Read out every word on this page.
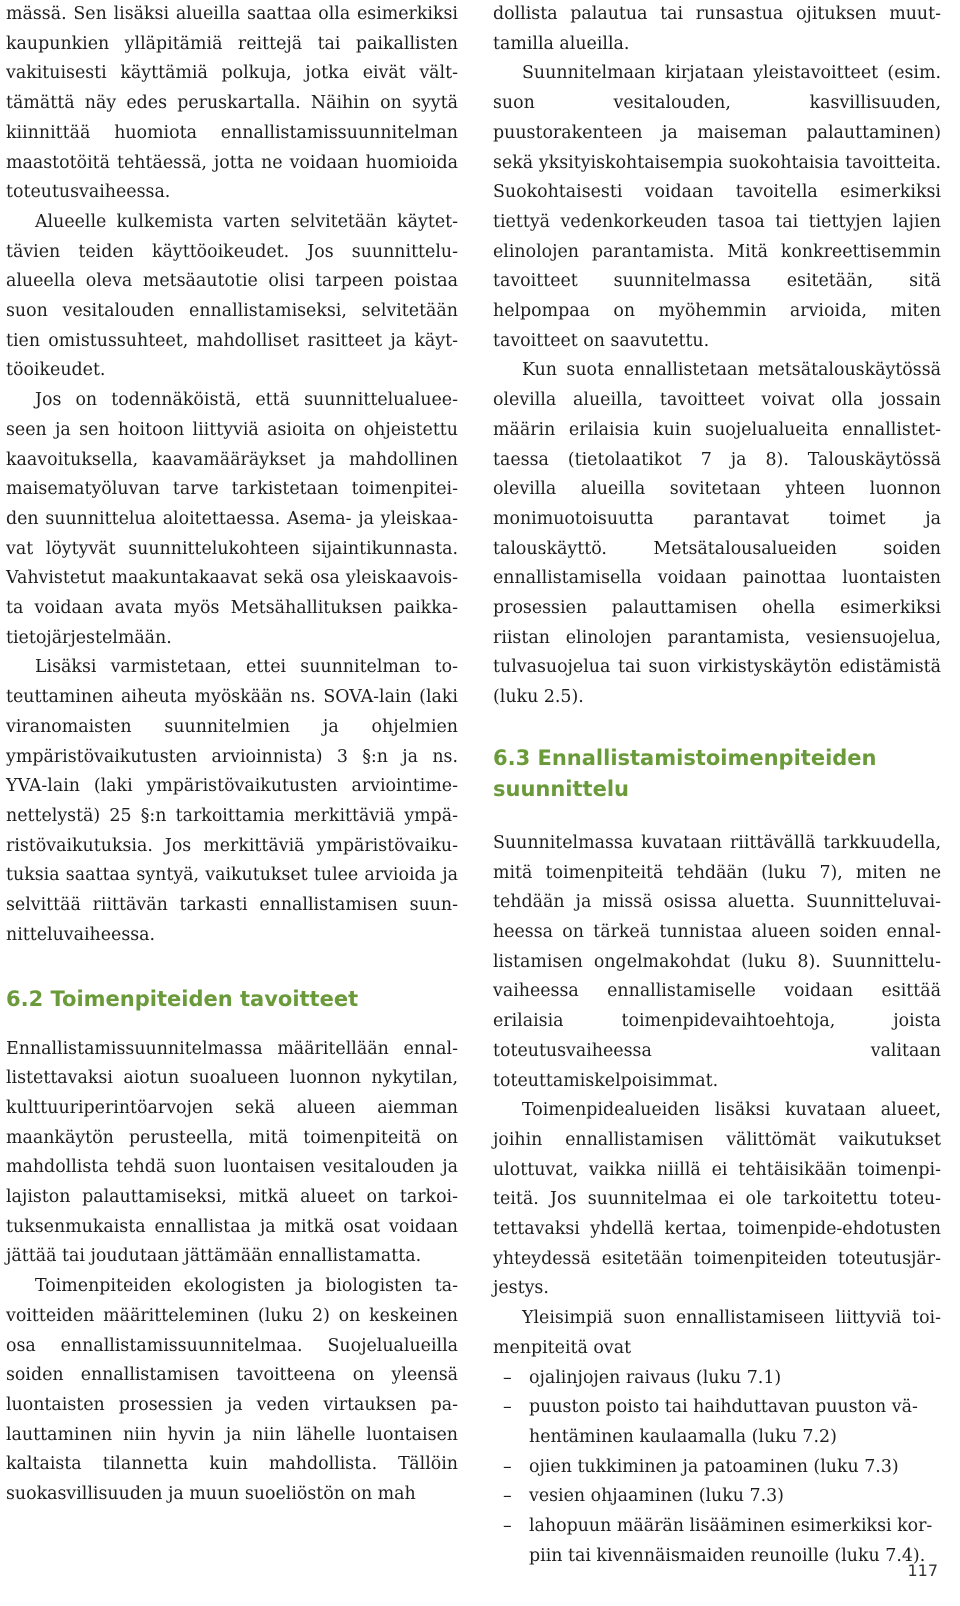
mässä. Sen lisäksi alueilla saattaa olla esimerkiksi kaupunkien ylläpitämiä reittejä tai paikallisten vakituisesti käyttämiä polkuja, jotka eivät välttämättä näy edes peruskartalla. Näihin on syytä kiinnittää huomiota ennallistamissuunnitelman maastotöitä tehtäessä, jotta ne voidaan huomioida toteutusvaiheessa.

Alueelle kulkemista varten selvitetään käytettävien teiden käyttöoikeudet. Jos suunnittelualueella oleva metsäautotie olisi tarpeen poistaa suon vesitalouden ennallistamiseksi, selvitetään tien omistussuhteet, mahdolliset rasitteet ja käyttöoikeudet.

Jos on todennäköistä, että suunnittelualueeseen ja sen hoitoon liittyviä asioita on ohjeistettu kaavoituksella, kaavamääräykset ja mahdollinen maisematyöluvan tarve tarkistetaan toimenpiteiden suunnittelua aloitettaessa. Asema- ja yleiskaavat löytyvät suunnittelukohteen sijaintikunnasta. Vahvistetut maakuntakaavat sekä osa yleiskaavoista voidaan avata myös Metsähallituksen paikkatietojärjestelmään.

Lisäksi varmistetaan, ettei suunnitelman toteuttaminen aiheuta myöskään ns. SOVA-lain (laki viranomaisten suunnitelmien ja ohjelmien ympäristövaikutusten arvioinnista) 3 §:n ja ns. YVA-lain (laki ympäristövaikutusten arviointimenettelystä) 25 §:n tarkoittamia merkittäviä ympäristövaikutuksia. Jos merkittäviä ympäristövaikutuksia saattaa syntyä, vaikutukset tulee arvioida ja selvittää riittävän tarkasti ennallistamisen suunnitteluvaiheessa.

6.2 Toimenpiteiden tavoitteet

Ennallistamissuunnitelmassa määritellään ennallistettavaksi aiotun suoalueen luonnon nykytilan, kulttuuriperintöarvojen sekä alueen aiemman maankäytön perusteella, mitä toimenpiteitä on mahdollista tehdä suon luontaisen vesitalouden ja lajiston palauttamiseksi, mitkä alueet on tarkoituksenmukaista ennallistaa ja mitkä osat voidaan jättää tai joudutaan jättämään ennallistamatta.

Toimenpiteiden ekologisten ja biologisten tavoitteiden määritteleminen (luku 2) on keskeinen osa ennallistamissuunnitelmaa. Suojelualueilla soiden ennallistamisen tavoitteena on yleensä luontaisten prosessien ja veden virtauksen palauttaminen niin hyvin ja niin lähelle luontaisen kaltaista tilannetta kuin mahdollista. Tällöin suokasvillisuuden ja muun suoeliöstön on mah

dollista palautua tai runsastua ojituksen muuttamilla alueilla.

Suunnitelmaan kirjataan yleistavoitteet (esim. suon vesitalouden, kasvillisuuden, puustorakenteen ja maiseman palauttaminen) sekä yksityiskohtaisempia suokohtaisia tavoitteita. Suokohtaisesti voidaan tavoitella esimerkiksi tiettyä vedenkorkeuden tasoa tai tiettyjen lajien elinolojen parantamista. Mitä konkreettisemmin tavoitteet suunnitelmassa esitetään, sitä helpompaa on myöhemmin arvioida, miten tavoitteet on saavutettu.

Kun suota ennallistetaan metsätalouskäytössä olevilla alueilla, tavoitteet voivat olla jossain määrin erilaisia kuin suojelualueita ennallistettaessa (tietolaatikot 7 ja 8). Talouskäytössä olevilla alueilla sovitetaan yhteen luonnon monimuotoisuutta parantavat toimet ja talouskäyttö. Metsätalousalueiden soiden ennallistamisella voidaan painottaa luontaisten prosessien palauttamisen ohella esimerkiksi riistan elinolojen parantamista, vesiensuojelua, tulvasuojelua tai suon virkistyskäytön edistämistä (luku 2.5).

6.3 Ennallistamistoimenpiteiden suunnittelu

Suunnitelmassa kuvataan riittävällä tarkkuudella, mitä toimenpiteitä tehdään (luku 7), miten ne tehdään ja missä osissa aluetta. Suunnitteluvaiheessa on tärkeä tunnistaa alueen soiden ennallistamisen ongelmakohdat (luku 8). Suunnitteluvaiheessa ennallistamiselle voidaan esittää erilaisia toimenpidevaihtoehtoja, joista toteutusvaiheessa valitaan toteuttamiskelpoisimmat.

Toimenpidealueiden lisäksi kuvataan alueet, joihin ennallistamisen välittömät vaikutukset ulottuvat, vaikka niillä ei tehtäisikään toimenpiteitä. Jos suunnitelmaa ei ole tarkoitettu toteutettavaksi yhdellä kertaa, toimenpide-ehdotusten yhteydessä esitetään toimenpiteiden toteutusjärjestys.

Yleisimpiä suon ennallistamiseen liittyviä toimenpiteitä ovat

– ojalinjojen raivaus (luku 7.1)
– puuston poisto tai haihduttavan puuston vähentäminen kaulaamalla (luku 7.2)
– ojien tukkiminen ja patoaminen (luku 7.3)
– vesien ohjaaminen (luku 7.3)
– lahopuun määrän lisääminen esimerkiksi korpiin tai kivennäismaiden reunoille (luku 7.4).
117
